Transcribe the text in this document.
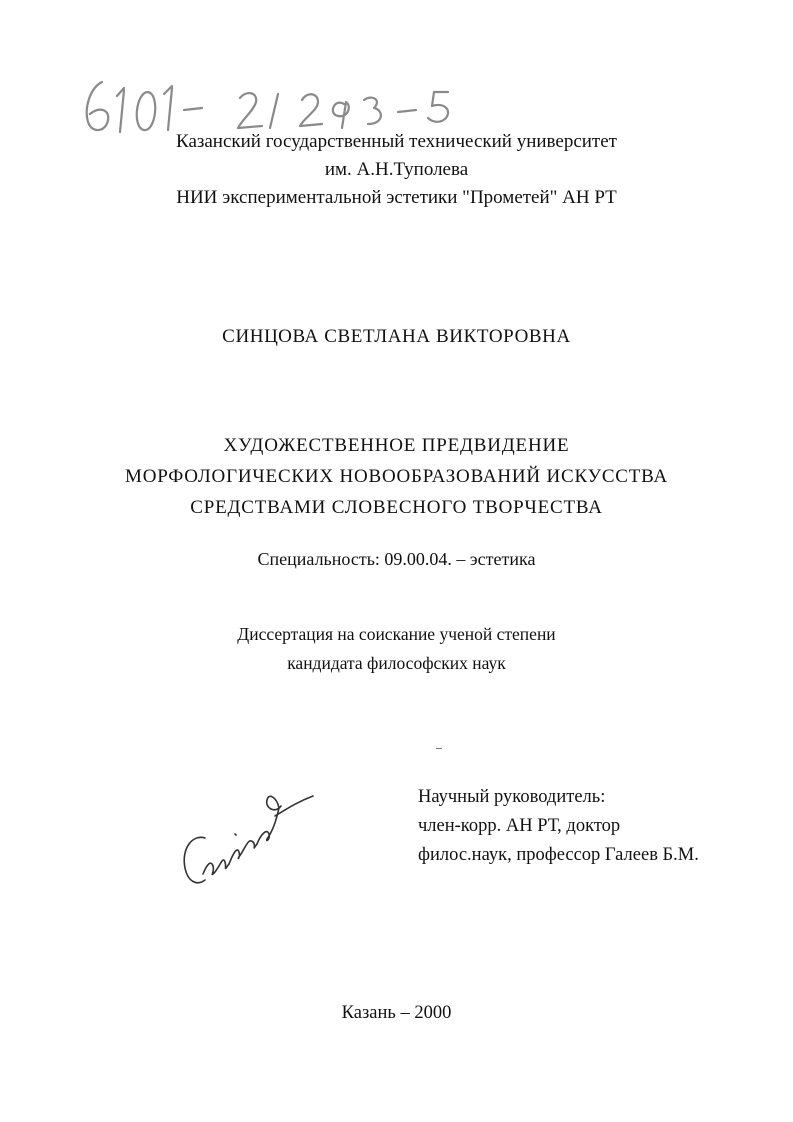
Казанский государственный технический университет
им. А.Н.Туполева
НИИ экспериментальной эстетики "Прометей" АН РТ
СИНЦОВА СВЕТЛАНА ВИКТОРОВНА
ХУДОЖЕСТВЕННОЕ ПРЕДВИДЕНИЕ
МОРФОЛОГИЧЕСКИХ НОВООБРАЗОВАНИЙ ИСКУССТВА
СРЕДСТВАМИ СЛОВЕСНОГО ТВОРЧЕСТВА
Специальность: 09.00.04. – эстетика
Диссертация на соискание ученой степени
кандидата философских наук
Научный руководитель:
член-корр. АН РТ, доктор
филос.наук, профессор Галеев Б.М.
Казань – 2000
